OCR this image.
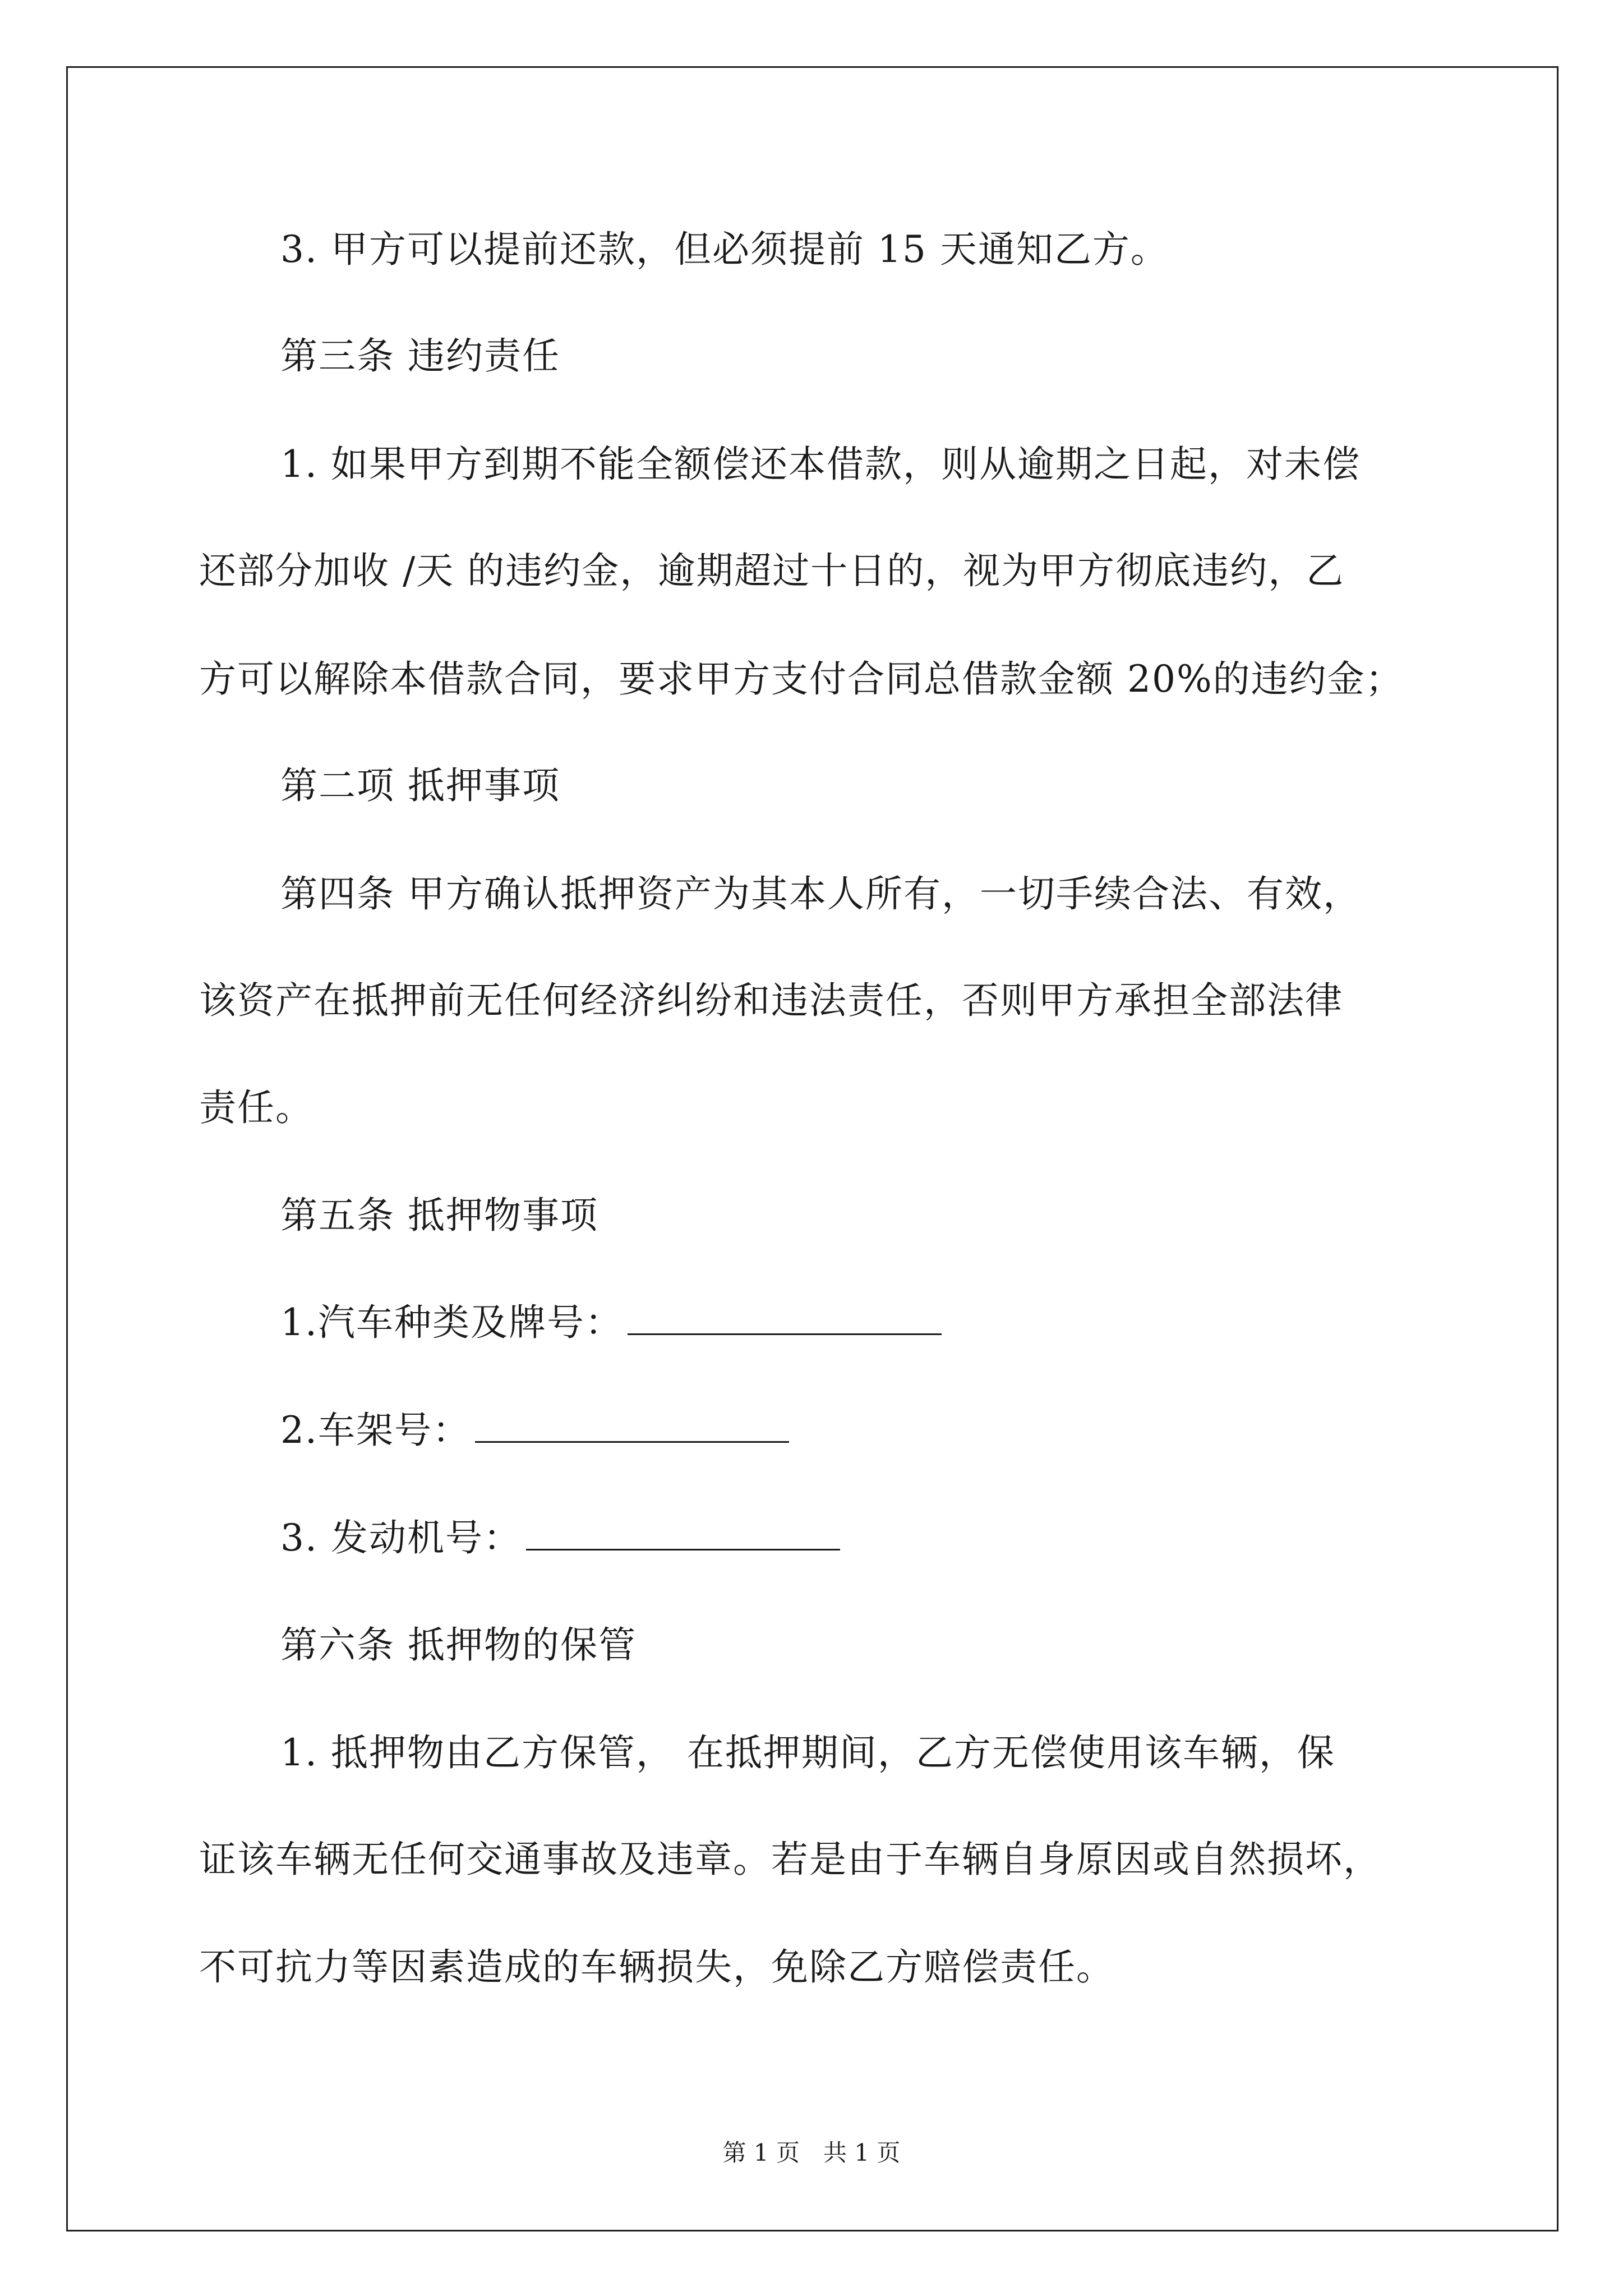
3. 甲方可以提前还款，但必须提前 15 天通知乙方。
第三条 违约责任
1. 如果甲方到期不能全额偿还本借款，则从逾期之日起，对未偿
还部分加收 /天 的违约金，逾期超过十日的，视为甲方彻底违约，乙
方可以解除本借款合同，要求甲方支付合同总借款金额 20%的违约金；
第二项 抵押事项
第四条 甲方确认抵押资产为其本人所有，一切手续合法、有效，
该资产在抵押前无任何经济纠纷和违法责任，否则甲方承担全部法律
责任。
第五条 抵押物事项
1.汽车种类及牌号：
2.车架号：
3. 发动机号：
第六条 抵押物的保管
1. 抵押物由乙方保管， 在抵押期间，乙方无偿使用该车辆，保
证该车辆无任何交通事故及违章。若是由于车辆自身原因或自然损坏，
不可抗力等因素造成的车辆损失，免除乙方赔偿责任。
第 1 页　共 1 页
